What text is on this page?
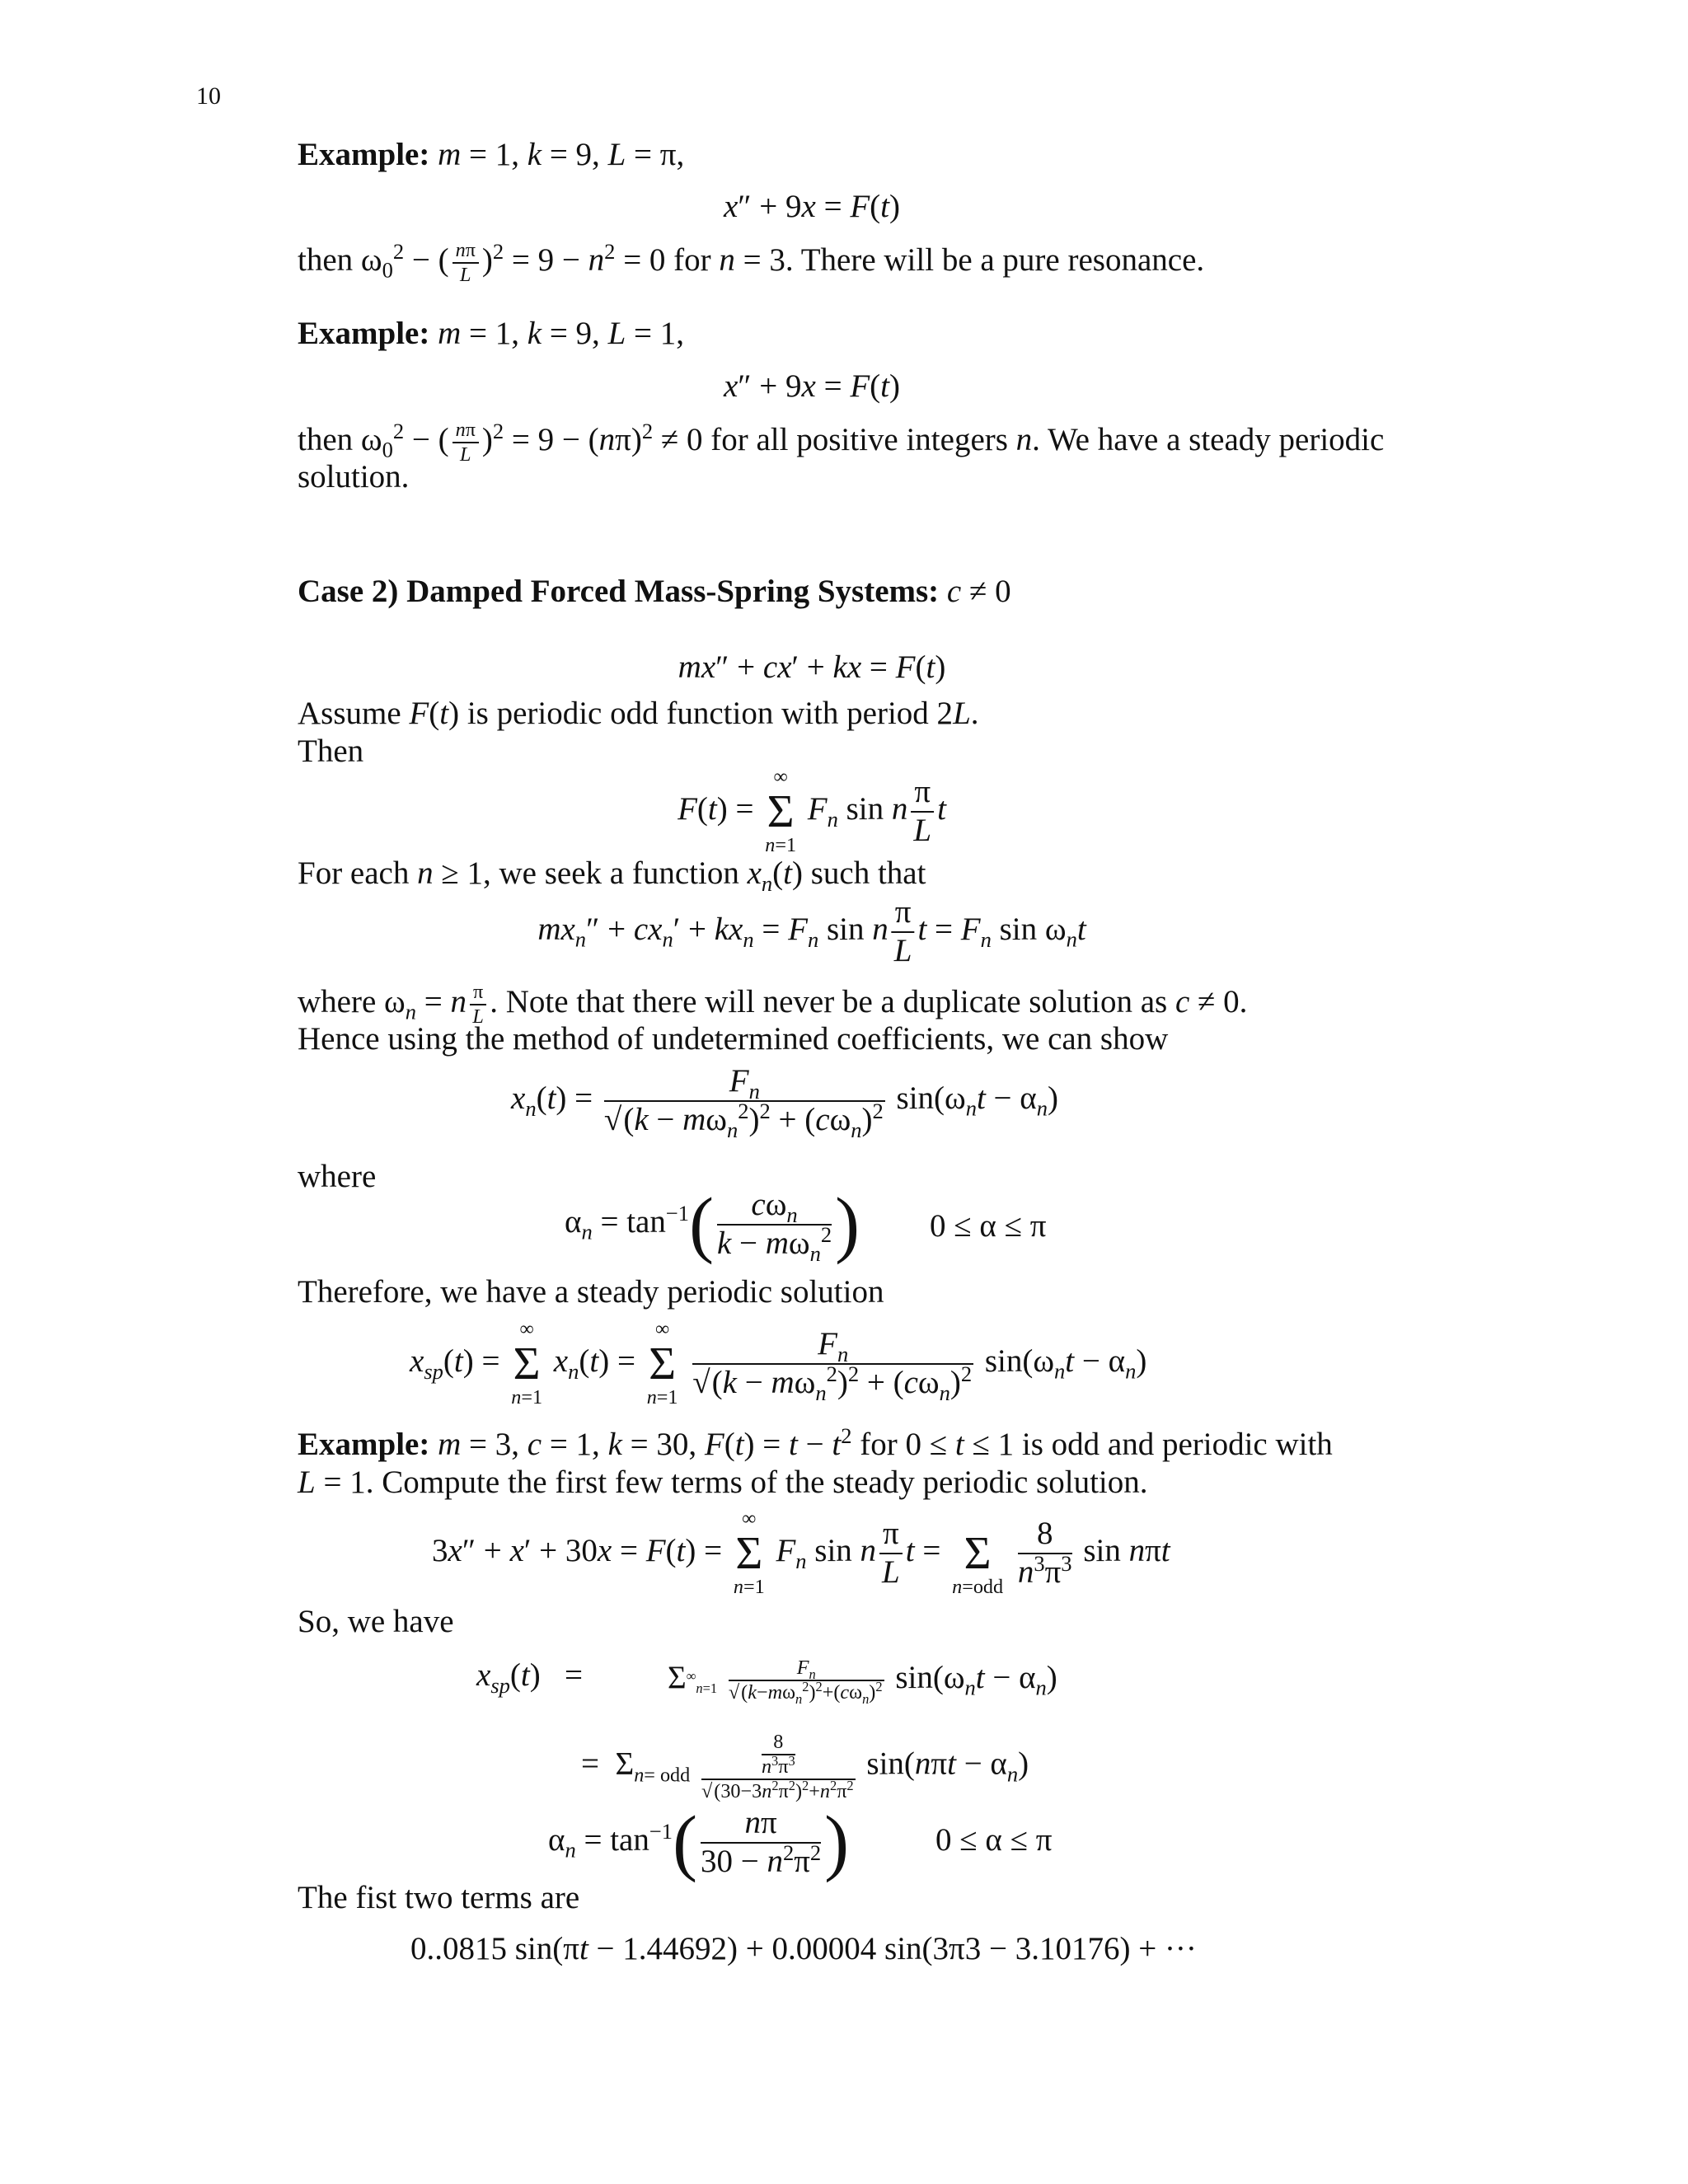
10
Example: m = 1, k = 9, L = π,
x″ + 9x = F(t)
then $\omega_0^2$ − ( $\frac{n\pi}{L} )^2 = 9 - n^2 = 0$ for n = 3. There will be a pure resonance.
Example: m = 1, k = 9, L = 1,
x″ + 9x = F(t)
then $\omega_0^2$ − ( $\frac{n\pi}{L} )^2 = 9 - (n\pi)^2 \ne 0$ for all positive integers n. We have a steady periodic
solution.
Case 2) Damped Forced Mass-Spring Systems: c ≠ 0
mx″ + cx′ + kx = F(t)
Assume F(t) is periodic odd function with period 2L.
Then
F(t) =
∞
Σ
n=1
$F_n$ sin n $\frac{\pi}{L}$ t
For each n ≥ 1, we seek a function $x_n(t)$ such that
$mx_n'' + cx_n' + kx_n = F_n$ sin n $\frac{\pi}{L}$ $t = F_n$ $\sin \omega_nt$
where $\omega_n = n \frac{\pi}{L}$ . Note that there will never be a duplicate solution as c ≠ 0.
Hence using the method of undetermined coefficients, we can show
$x_n(t) = \frac{F_n}{√(k - m\omega_n^2)^2 + (c\omega_n)^2} \sin(\omega_nt - \alpha_n)$
where
$\alpha_n = \tan^{-1}( \frac{c\omega_n}{k - m\omega_n^2}$ ) 0 ≤ α ≤ π
Therefore, we have a steady periodic solution
$x_{sp}(t)$ =
∞
Σ
n=1
$x_n(t)$ =
∞
Σ
n=1
$\frac{F_n}{√(k - m\omega_n^2)^2 + (c\omega_n)^2} \sin(\omega_nt - \alpha_n)$
Example: m = 3, c = 1, k = 30, $F(t) = t - t^2$ for 0 ≤ t ≤ 1 is odd and periodic with
L = 1. Compute the first few terms of the steady periodic solution.
3x″ + x′ + 30x = F(t) =
∞
Σ
n=1
$F_n$ sin n $\frac{\pi}{L}$ t =
Σ
n=odd
$\frac{8}{n^3\pi^3}$ sin nπt
So, we have
$x_{sp}(t)$   =	$\Sigma^\infty_{n=1} \frac{F_n}{√(k-m\omega_n^2)^2+(c\omega_n)^2} \sin(\omega_nt - \alpha_n)$
=  $\Sigma_{n= odd} \frac{\frac{8}{n^3\pi^3}}{√(30-3n^2\pi^2)^2+n^2\pi^2} \sin(n\pi t - \alpha_n)$
$\alpha_n = \tan^{-1}( \frac{n\pi}{30 - n^2\pi^2}$ )	0 ≤ α ≤ π
The fist two terms are
0..0815 sin(πt − 1.44692) + 0.00004 sin(3π3 − 3.10176) + ···
